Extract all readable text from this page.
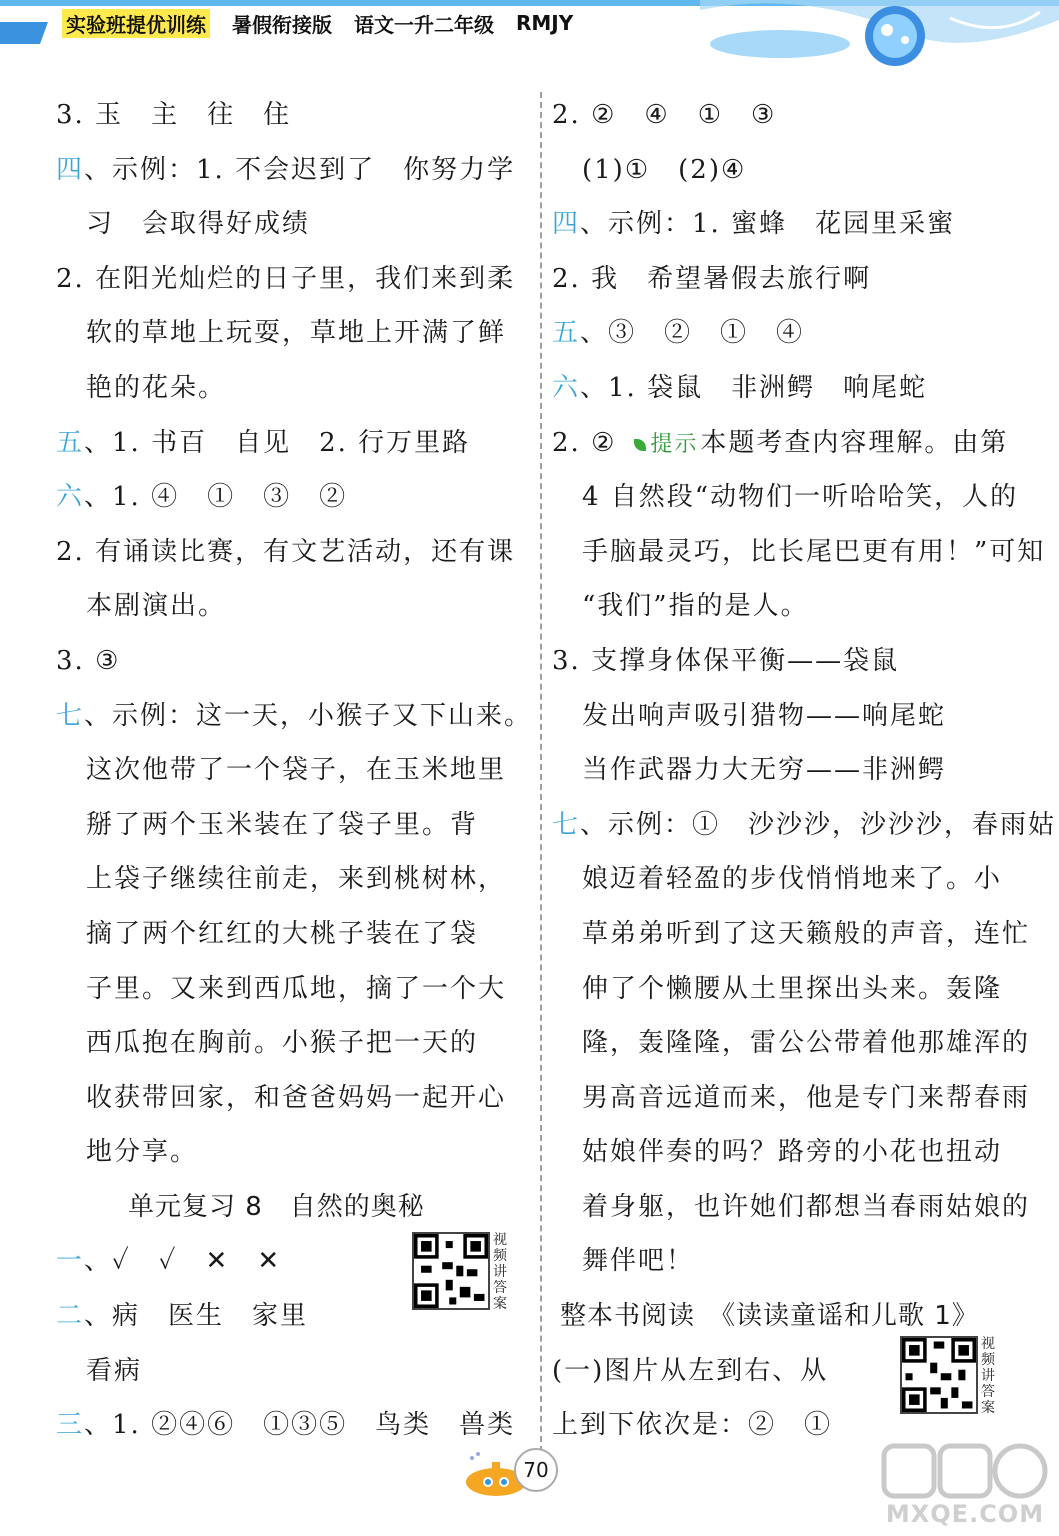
实验班提优训练 暑假衔接版 语文一升二年级 RMJY
3. 玉　主　往　住
四、示例：1. 不会迟到了　你努力学
习　会取得好成绩
2. 在阳光灿烂的日子里，我们来到柔
软的草地上玩耍，草地上开满了鲜
艳的花朵。
五、1. 书百　自见　2. 行万里路
六、1. ④　①　③　②
2. 有诵读比赛，有文艺活动，还有课
本剧演出。
3. ③
七、示例：这一天，小猴子又下山来。
这次他带了一个袋子，在玉米地里
掰了两个玉米装在了袋子里。背
上袋子继续往前走，来到桃树林，
摘了两个红红的大桃子装在了袋
子里。又来到西瓜地，摘了一个大
西瓜抱在胸前。小猴子把一天的
收获带回家，和爸爸妈妈一起开心
地分享。
单元复习 8　自然的奥秘
一、✓　✓　✕　✕
二、病　医生　家里
看病
三、1. ②④⑥　①③⑤　鸟类　兽类
2. ②　④　①　③
(1)①　(2)④
四、示例：1. 蜜蜂　花园里采蜜
2. 我　希望暑假去旅行啊
五、③　②　①　④
六、1. 袋鼠　非洲鳄　响尾蛇
2. ② 提示本题考查内容理解。由第
4 自然段“动物们一听哈哈笑，人的
手脑最灵巧，比长尾巴更有用！”可知
“我们”指的是人。
3. 支撑身体保平衡——袋鼠
发出响声吸引猎物——响尾蛇
当作武器力大无穷——非洲鳄
七、示例：①　沙沙沙，沙沙沙，春雨姑
娘迈着轻盈的步伐悄悄地来了。小
草弟弟听到了这天籁般的声音，连忙
伸了个懒腰从土里探出头来。轰隆
隆，轰隆隆，雷公公带着他那雄浑的
男高音远道而来，他是专门来帮春雨
姑娘伴奏的吗？路旁的小花也扭动
着身躯，也许她们都想当春雨姑娘的
舞伴吧！
整本书阅读　《读读童谣和儿歌 1》
(一)图片从左到右、从
上到下依次是：②　①
视频讲答案
视频讲答案
70
MXQE.COM
